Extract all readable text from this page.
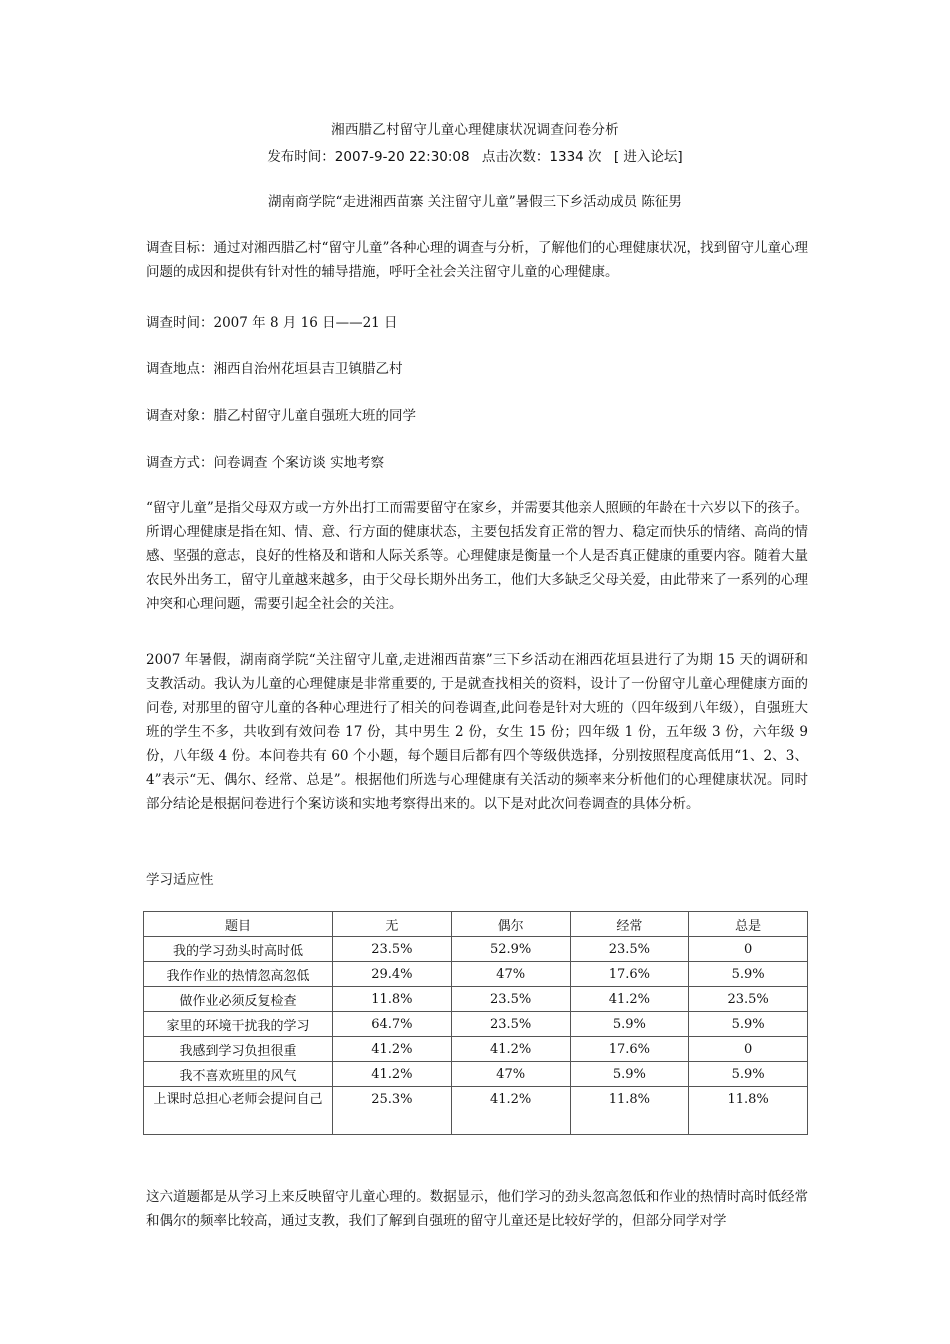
湘西腊乙村留守儿童心理健康状况调查问卷分析
发布时间：2007-9-20 22:30:08 点击次数：1334 次 [ 进入论坛]
湖南商学院“走进湘西苗寨 关注留守儿童”暑假三下乡活动成员 陈征男

调查目标：通过对湘西腊乙村“留守儿童”各种心理的调查与分析，了解他们的心理健康状况，找到留守儿童心理问题的成因和提供有针对性的辅导措施，呼吁全社会关注留守儿童的心理健康。

调查时间：2007 年 8 月 16 日——21 日

调查地点：湘西自治州花垣县吉卫镇腊乙村

调查对象：腊乙村留守儿童自强班大班的同学

调查方式：问卷调查 个案访谈 实地考察

“留守儿童”是指父母双方或一方外出打工而需要留守在家乡，并需要其他亲人照顾的年龄在十六岁以下的孩子。所谓心理健康是指在知、情、意、行方面的健康状态，主要包括发育正常的智力、稳定而快乐的情绪、高尚的情感、坚强的意志，良好的性格及和谐和人际关系等。心理健康是衡量一个人是否真正健康的重要内容。随着大量农民外出务工，留守儿童越来越多，由于父母长期外出务工，他们大多缺乏父母关爱，由此带来了一系列的心理冲突和心理问题，需要引起全社会的关注。

2007 年暑假，湖南商学院“关注留守儿童,走进湘西苗寨”三下乡活动在湘西花垣县进行了为期 15 天的调研和支教活动。我认为儿童的心理健康是非常重要的, 于是就查找相关的资料，设计了一份留守儿童心理健康方面的问卷, 对那里的留守儿童的各种心理进行了相关的问卷调查,此问卷是针对大班的（四年级到八年级），自强班大班的学生不多，共收到有效问卷 17 份，其中男生 2 份，女生 15 份；四年级 1 份，五年级 3 份，六年级 9 份，八年级 4 份。本问卷共有 60 个小题，每个题目后都有四个等级供选择，分别按照程度高低用“1、2、3、4”表示“无、偶尔、经常、总是”。根据他们所选与心理健康有关活动的频率来分析他们的心理健康状况。同时部分结论是根据问卷进行个案访谈和实地考察得出来的。以下是对此次问卷调查的具体分析。

学习适应性

题目	无	偶尔	经常	总是
我的学习劲头时高时低	23.5%	52.9%	23.5%	0
我作作业的热情忽高忽低	29.4%	47%	17.6%	5.9%
做作业必须反复检查	11.8%	23.5%	41.2%	23.5%
家里的环境干扰我的学习	64.7%	23.5%	5.9%	5.9%
我感到学习负担很重	41.2%	41.2%	17.6%	0
我不喜欢班里的风气	41.2%	47%	5.9%	5.9%
上课时总担心老师会提问自己	25.3%	41.2%	11.8%	11.8%

这六道题都是从学习上来反映留守儿童心理的。数据显示，他们学习的劲头忽高忽低和作业的热情时高时低经常和偶尔的频率比较高，通过支教，我们了解到自强班的留守儿童还是比较好学的，但部分同学对学
